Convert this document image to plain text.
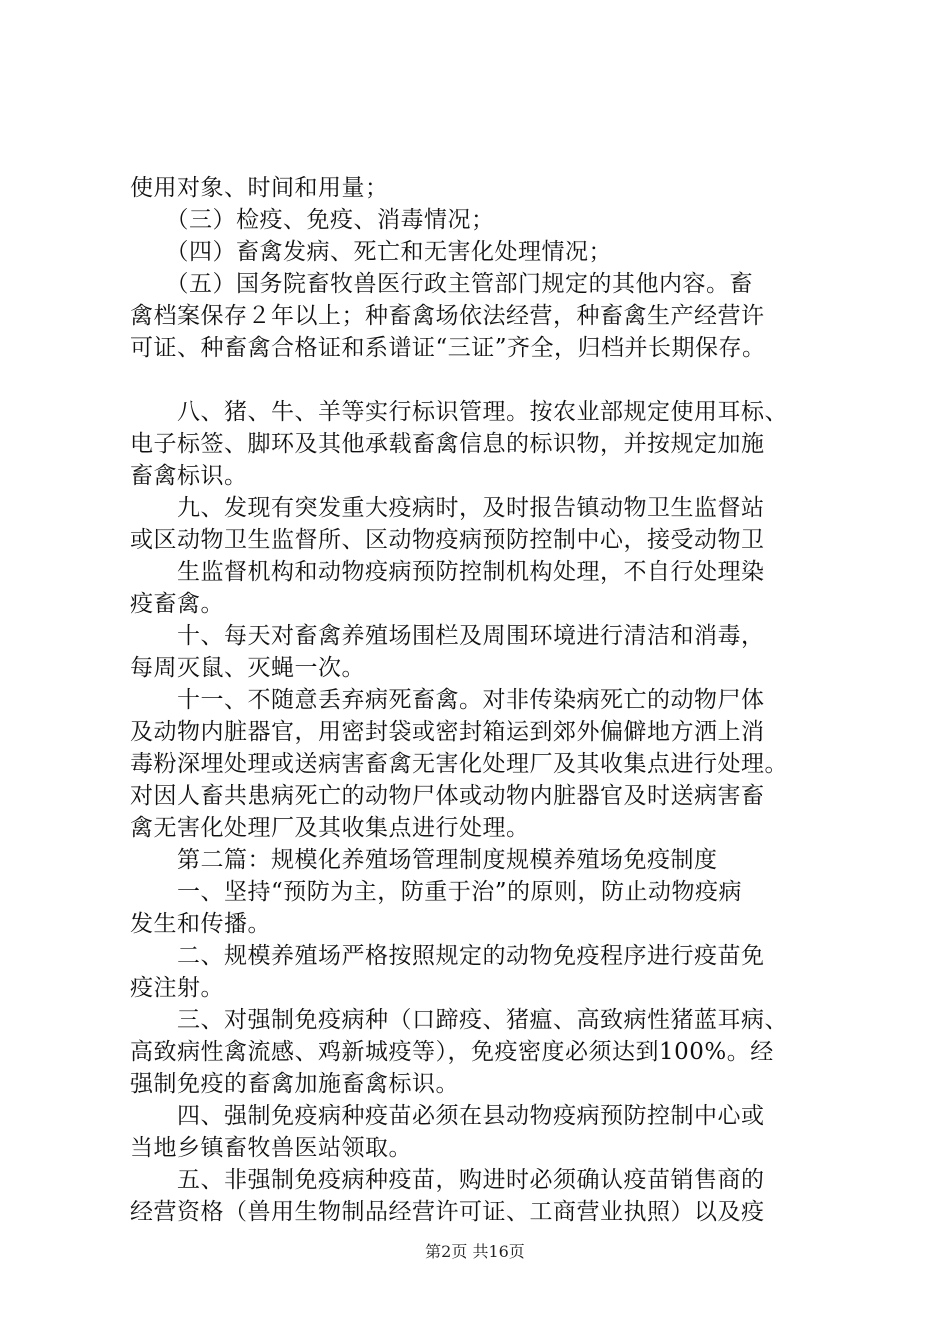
使用对象、时间和用量；
　　（三）检疫、免疫、消毒情况；
　　（四）畜禽发病、死亡和无害化处理情况；
　　（五）国务院畜牧兽医行政主管部门规定的其他内容。畜
禽档案保存２年以上；种畜禽场依法经营，种畜禽生产经营许
可证、种畜禽合格证和系谱证“三证”齐全，归档并长期保存。
　　八、猪、牛、羊等实行标识管理。按农业部规定使用耳标、
电子标签、脚环及其他承载畜禽信息的标识物，并按规定加施
畜禽标识。
　　九、发现有突发重大疫病时，及时报告镇动物卫生监督站
或区动物卫生监督所、区动物疫病预防控制中心，接受动物卫
　　生监督机构和动物疫病预防控制机构处理，不自行处理染
疫畜禽。
　　十、每天对畜禽养殖场围栏及周围环境进行清洁和消毒，
每周灭鼠、灭蝇一次。
　　十一、不随意丢弃病死畜禽。对非传染病死亡的动物尸体
及动物内脏器官，用密封袋或密封箱运到郊外偏僻地方洒上消
毒粉深埋处理或送病害畜禽无害化处理厂及其收集点进行处理。
对因人畜共患病死亡的动物尸体或动物内脏器官及时送病害畜
禽无害化处理厂及其收集点进行处理。
　　第二篇：规模化养殖场管理制度规模养殖场免疫制度
　　一、坚持“预防为主，防重于治”的原则，防止动物疫病
发生和传播。
　　二、规模养殖场严格按照规定的动物免疫程序进行疫苗免
疫注射。
　　三、对强制免疫病种（口蹄疫、猪瘟、高致病性猪蓝耳病、
高致病性禽流感、鸡新城疫等），免疫密度必须达到100%。经
强制免疫的畜禽加施畜禽标识。
　　四、强制免疫病种疫苗必须在县动物疫病预防控制中心或
当地乡镇畜牧兽医站领取。
　　五、非强制免疫病种疫苗，购进时必须确认疫苗销售商的
经营资格（兽用生物制品经营许可证、工商营业执照）以及疫
第2页 共16页
